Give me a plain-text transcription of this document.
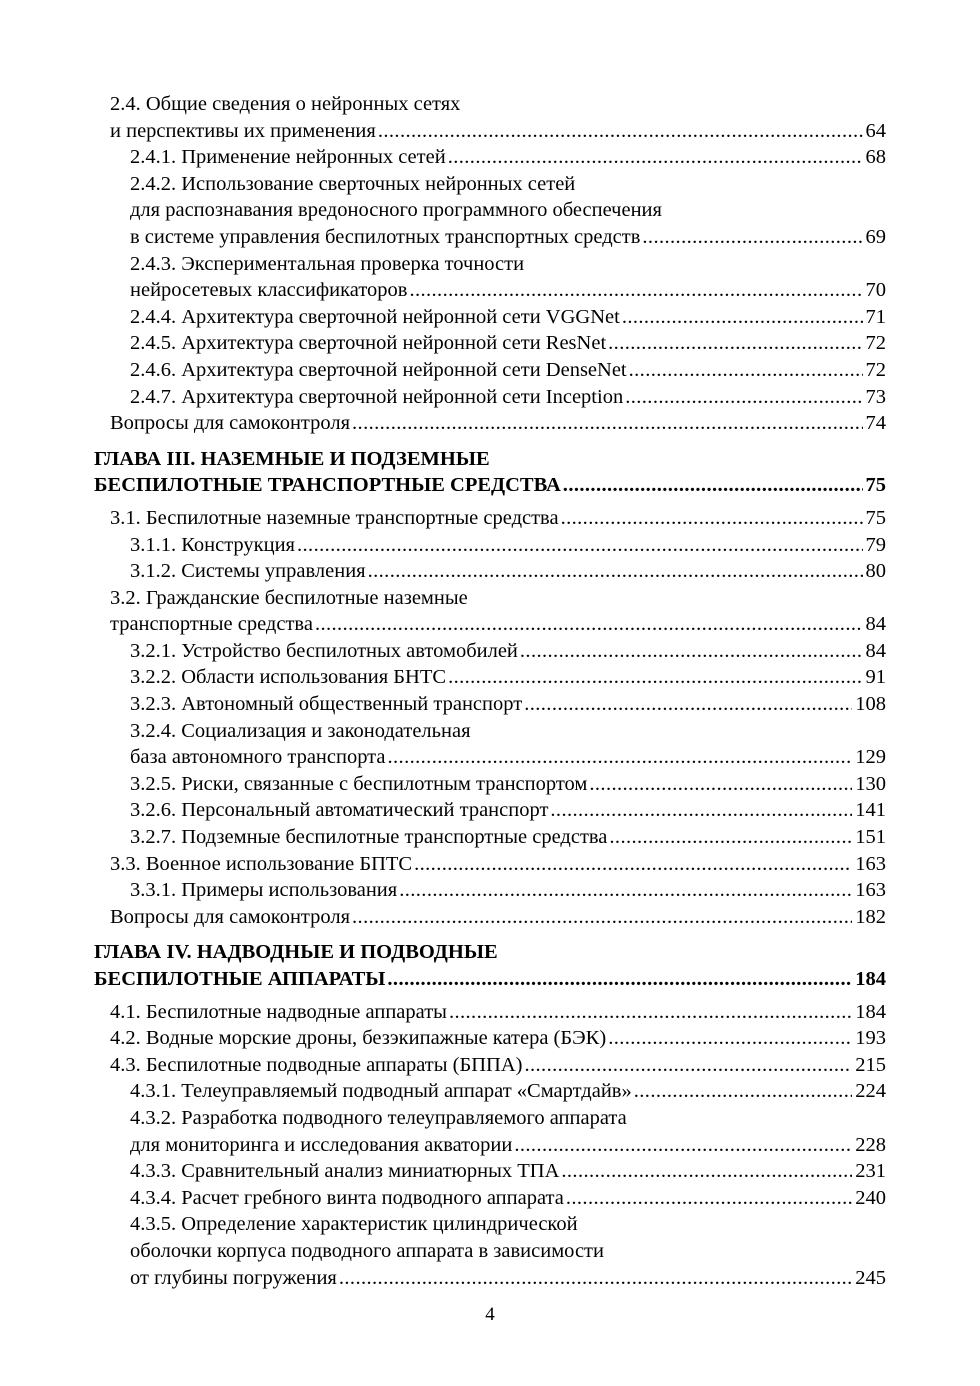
2.4. Общие сведения о нейронных сетях
и перспективы их применения .....	64
2.4.1. Применение нейронных сетей .....	68
2.4.2. Использование сверточных нейронных сетей
для распознавания вредоносного программного обеспечения
в системе управления беспилотных транспортных средств .....	69
2.4.3. Экспериментальная проверка точности
нейросетевых классификаторов .....	70
2.4.4. Архитектура сверточной нейронной сети VGGNet .....	71
2.4.5. Архитектура сверточной нейронной сети ResNet .....	72
2.4.6. Архитектура сверточной нейронной сети DenseNet .....	72
2.4.7. Архитектура сверточной нейронной сети Inception .....	73
Вопросы для самоконтроля .....	74
ГЛАВА III. НАЗЕМНЫЕ И ПОДЗЕМНЫЕ
БЕСПИЛОТНЫЕ ТРАНСПОРТНЫЕ СРЕДСТВА .....	75
3.1. Беспилотные наземные транспортные средства .....	75
3.1.1. Конструкция .....	79
3.1.2. Системы управления .....	80
3.2. Гражданские беспилотные наземные
транспортные средства .....	84
3.2.1. Устройство беспилотных автомобилей .....	84
3.2.2. Области использования БНТС .....	91
3.2.3. Автономный общественный транспорт .....	108
3.2.4. Социализация и законодательная
база автономного транспорта .....	129
3.2.5. Риски, связанные с беспилотным транспортом .....	130
3.2.6. Персональный автоматический транспорт .....	141
3.2.7. Подземные беспилотные транспортные средства .....	151
3.3. Военное использование БПТС .....	163
3.3.1. Примеры использования .....	163
Вопросы для самоконтроля .....	182
ГЛАВА IV. НАДВОДНЫЕ И ПОДВОДНЫЕ
БЕСПИЛОТНЫЕ АППАРАТЫ .....	184
4.1. Беспилотные надводные аппараты .....	184
4.2. Водные морские дроны, безэкипажные катера (БЭК) .....	193
4.3. Беспилотные подводные аппараты (БППА) .....	215
4.3.1. Телеуправляемый подводный аппарат «Смартдайв» .....	224
4.3.2. Разработка подводного телеуправляемого аппарата
для мониторинга и исследования акватории .....	228
4.3.3. Сравнительный анализ миниатюрных ТПА .....	231
4.3.4. Расчет гребного винта подводного аппарата .....	240
4.3.5. Определение характеристик цилиндрической
оболочки корпуса подводного аппарата в зависимости
от глубины погружения .....	245
4
